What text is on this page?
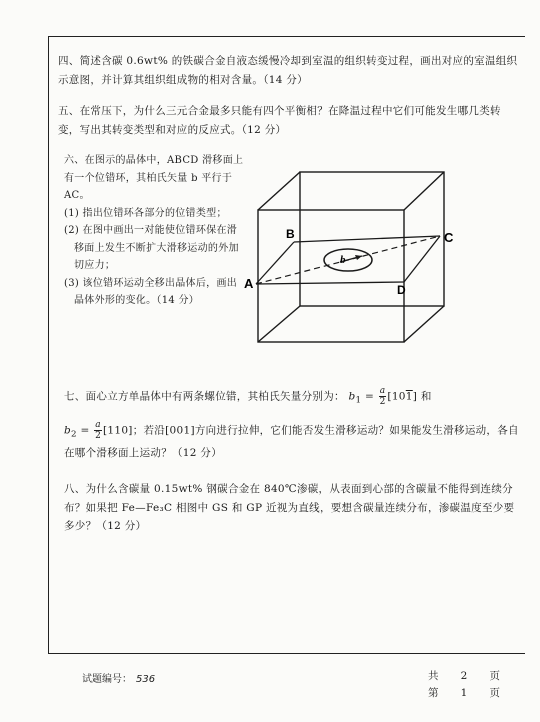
四、简述含碳 0.6wt% 的铁碳合金自液态缓慢冷却到室温的组织转变过程，画出对应的室温组织示意图，并计算其组织组成物的相对含量。（14 分）
五、在常压下，为什么三元合金最多只能有四个平衡相？在降温过程中它们可能发生哪几类转变，写出其转变类型和对应的反应式。（12 分）
六、在图示的晶体中，ABCD 滑移面上有一个位错环，其柏氏矢量 b 平行于 AC。
(1) 指出位错环各部分的位错类型；
(2) 在图中画出一对能使位错环保在滑移面上发生不断扩大滑移运动的外加切应力；
(3) 该位错环运动全移出晶体后，画出晶体外形的变化。（14 分）
A
B	C
D
b
七、面心立方单晶体中有两条螺位错，其柏氏矢量分别为： $b_1 = \frac{a}{2} [101]$ 和
$b_2 = \frac{a}{2} [110]$；若沿[001]方向进行拉伸，它们能否发生滑移运动？如果能发生滑移运动，各自在哪个滑移面上运动？（12 分）
八、为什么含碳量 0.15wt% 钢碳合金在 840℃渗碳，从表面到心部的含碳量不能得到连续分布？如果把 Fe—Fe₃C 相图中 GS 和 GP 近视为直线，要想含碳量连续分布，渗碳温度至少要多少？（12 分）
试题编号： 536	共 2 页
第 1 页
